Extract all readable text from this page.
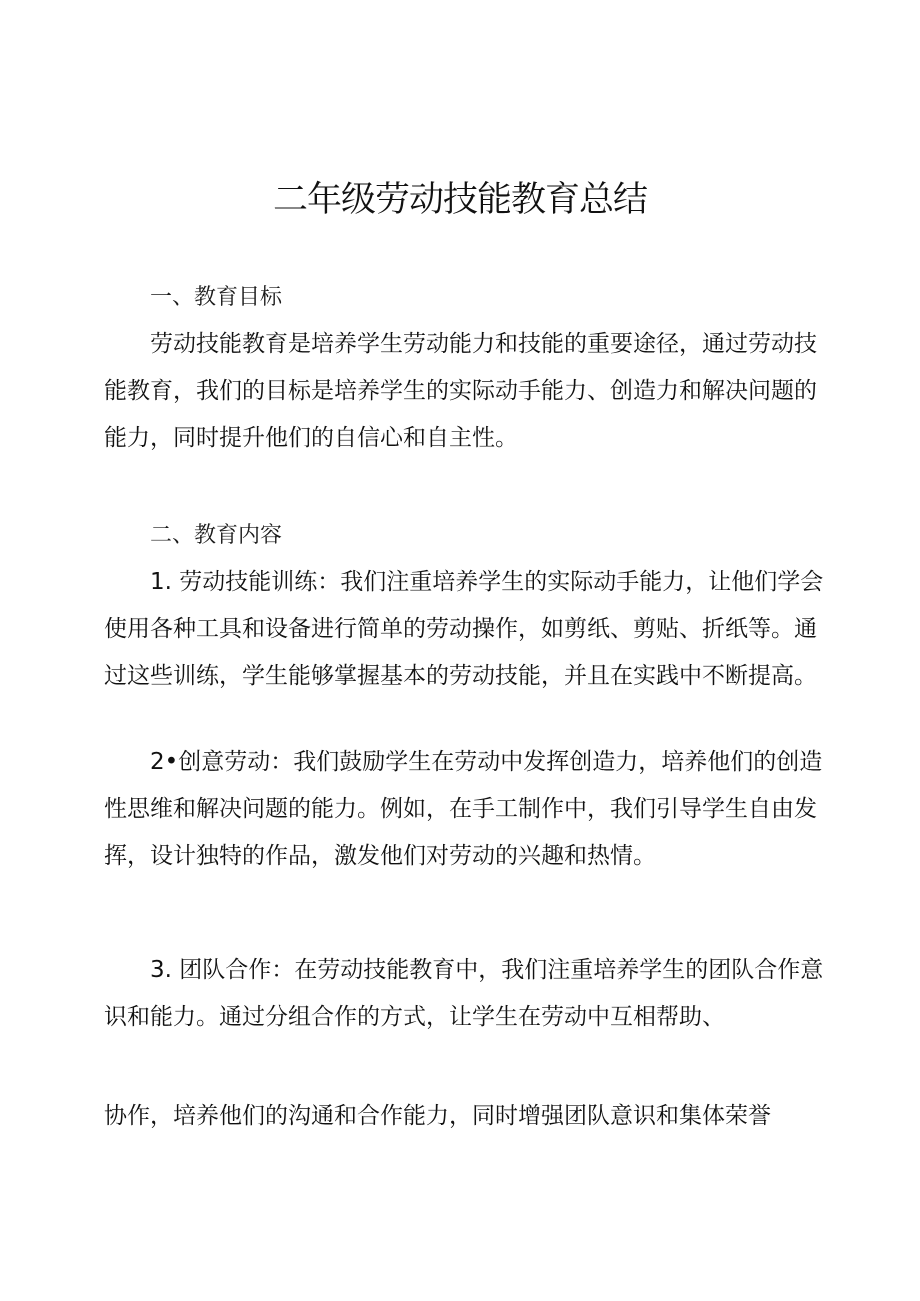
二年级劳动技能教育总结
一、教育目标

劳动技能教育是培养学生劳动能力和技能的重要途径，通过劳动技能教育，我们的目标是培养学生的实际动手能力、创造力和解决问题的能力，同时提升他们的自信心和自主性。

二、教育内容

1. 劳动技能训练：我们注重培养学生的实际动手能力，让他们学会使用各种工具和设备进行简单的劳动操作，如剪纸、剪贴、折纸等。通过这些训练，学生能够掌握基本的劳动技能，并且在实践中不断提高。

2•创意劳动：我们鼓励学生在劳动中发挥创造力，培养他们的创造性思维和解决问题的能力。例如，在手工制作中，我们引导学生自由发挥，设计独特的作品，激发他们对劳动的兴趣和热情。

3. 团队合作：在劳动技能教育中，我们注重培养学生的团队合作意识和能力。通过分组合作的方式，让学生在劳动中互相帮助、

协作，培养他们的沟通和合作能力，同时增强团队意识和集体荣誉
